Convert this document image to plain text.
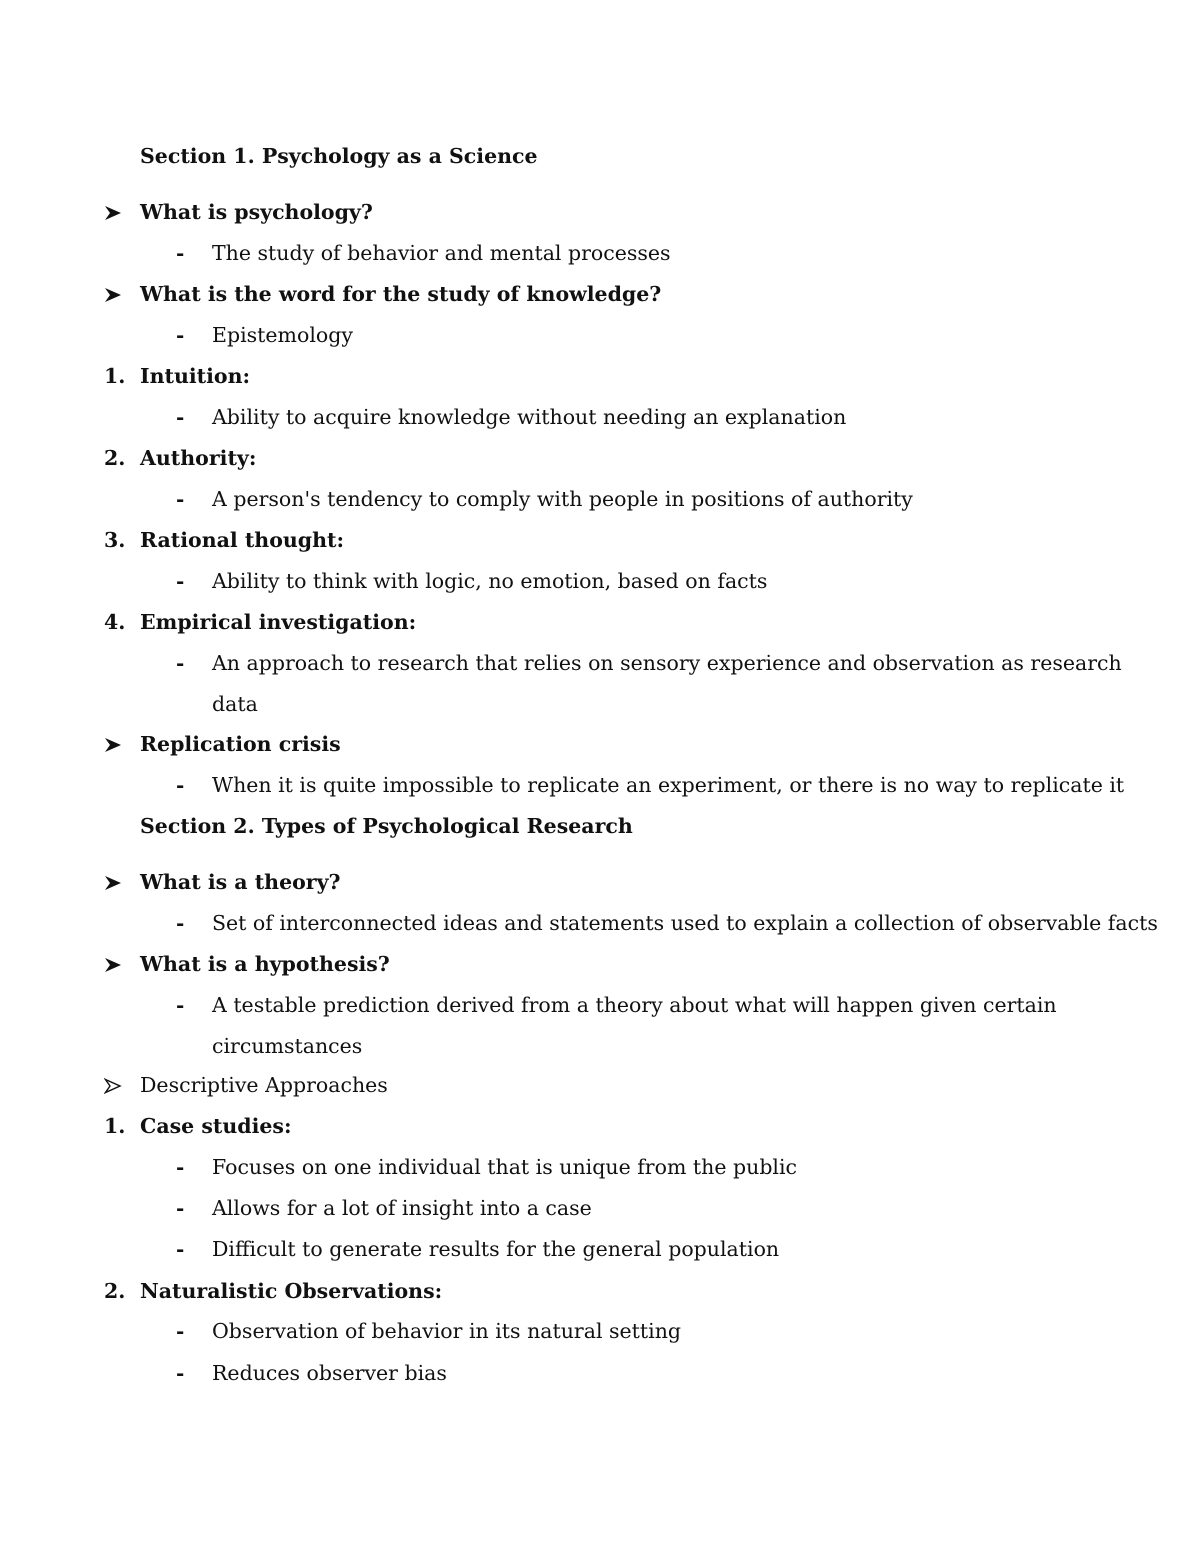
Section 1. Psychology as a Science
What is psychology?
- The study of behavior and mental processes
What is the word for the study of knowledge?
- Epistemology
1. Intuition:
- Ability to acquire knowledge without needing an explanation
2. Authority:
- A person's tendency to comply with people in positions of authority
3. Rational thought:
- Ability to think with logic, no emotion, based on facts
4. Empirical investigation:
- An approach to research that relies on sensory experience and observation as research
data
Replication crisis
- When it is quite impossible to replicate an experiment, or there is no way to replicate it
Section 2. Types of Psychological Research
What is a theory?
- Set of interconnected ideas and statements used to explain a collection of observable facts
What is a hypothesis?
- A testable prediction derived from a theory about what will happen given certain
circumstances
Descriptive Approaches
1. Case studies:
- Focuses on one individual that is unique from the public
- Allows for a lot of insight into a case
- Difficult to generate results for the general population
2. Naturalistic Observations:
- Observation of behavior in its natural setting
- Reduces observer bias
